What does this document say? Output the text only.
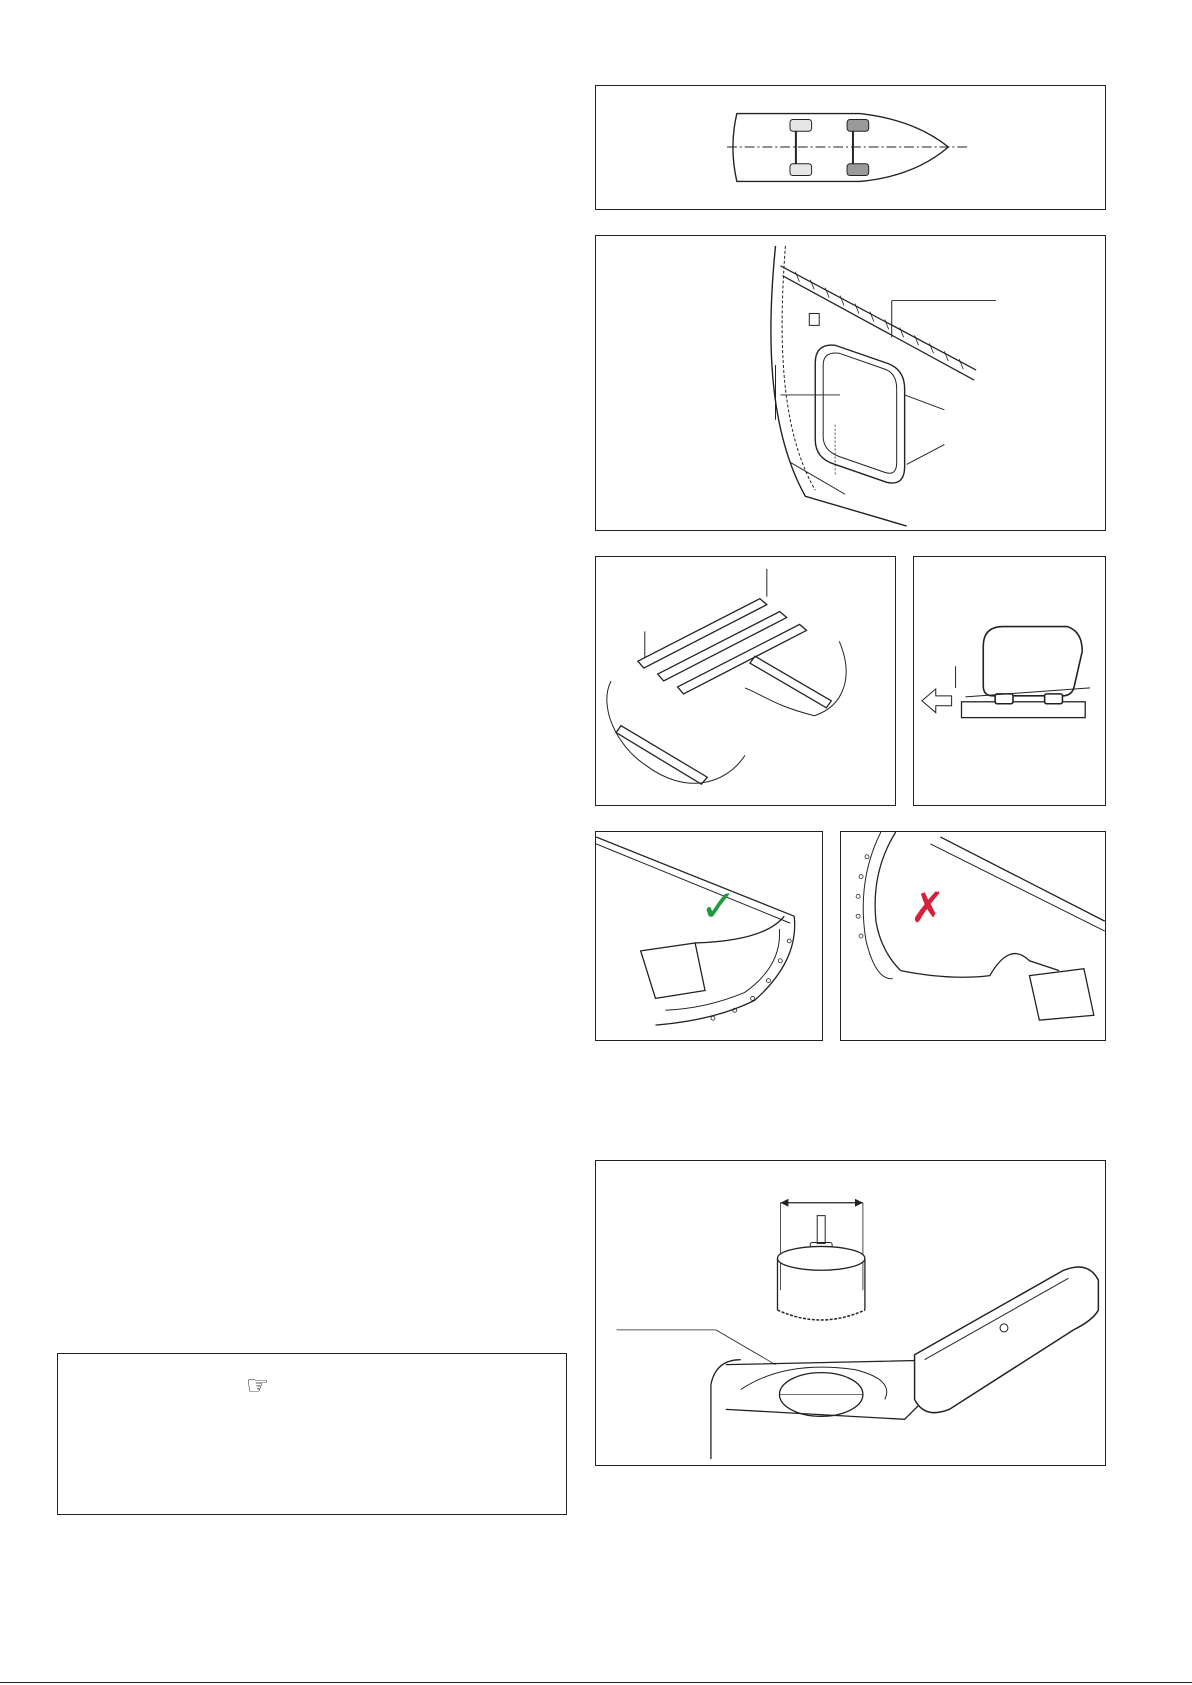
✓	✗
☞
